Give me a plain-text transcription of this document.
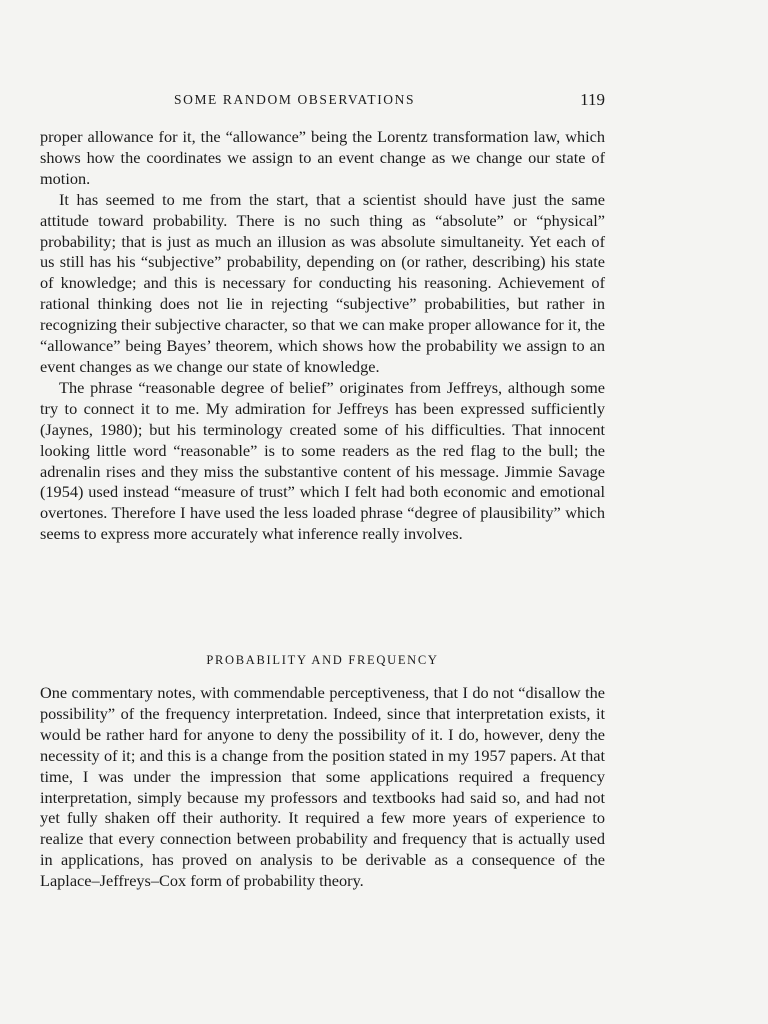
SOME RANDOM OBSERVATIONS	119

proper allowance for it, the “allowance” being the Lorentz transformation law, which shows how the coordinates we assign to an event change as we change our state of motion.

It has seemed to me from the start, that a scientist should have just the same attitude toward probability. There is no such thing as “absolute” or “physical” probability; that is just as much an illusion as was absolute simultaneity. Yet each of us still has his “subjective” probability, depending on (or rather, describing) his state of knowledge; and this is necessary for conducting his reasoning. Achievement of rational thinking does not lie in rejecting “subjective” probabilities, but rather in recognizing their subjective character, so that we can make proper allowance for it, the “allowance” being Bayes’ theorem, which shows how the probability we assign to an event changes as we change our state of knowledge.

The phrase “reasonable degree of belief” originates from Jeffreys, although some try to connect it to me. My admiration for Jeffreys has been expressed sufficiently (Jaynes, 1980); but his terminology created some of his difficulties. That innocent looking little word “reasonable” is to some readers as the red flag to the bull; the adrenalin rises and they miss the substantive content of his message. Jimmie Savage (1954) used instead “measure of trust” which I felt had both economic and emotional overtones. Therefore I have used the less loaded phrase “degree of plausibility” which seems to express more accurately what inference really involves.

PROBABILITY AND FREQUENCY

One commentary notes, with commendable perceptiveness, that I do not “disallow the possibility” of the frequency interpretation. Indeed, since that interpretation exists, it would be rather hard for anyone to deny the possibility of it. I do, however, deny the necessity of it; and this is a change from the position stated in my 1957 papers. At that time, I was under the impression that some applications required a frequency interpretation, simply because my professors and textbooks had said so, and had not yet fully shaken off their authority. It required a few more years of experience to realize that every connection between probability and frequency that is actually used in applications, has proved on analysis to be derivable as a consequence of the Laplace–Jeffreys–Cox form of probability theory.
